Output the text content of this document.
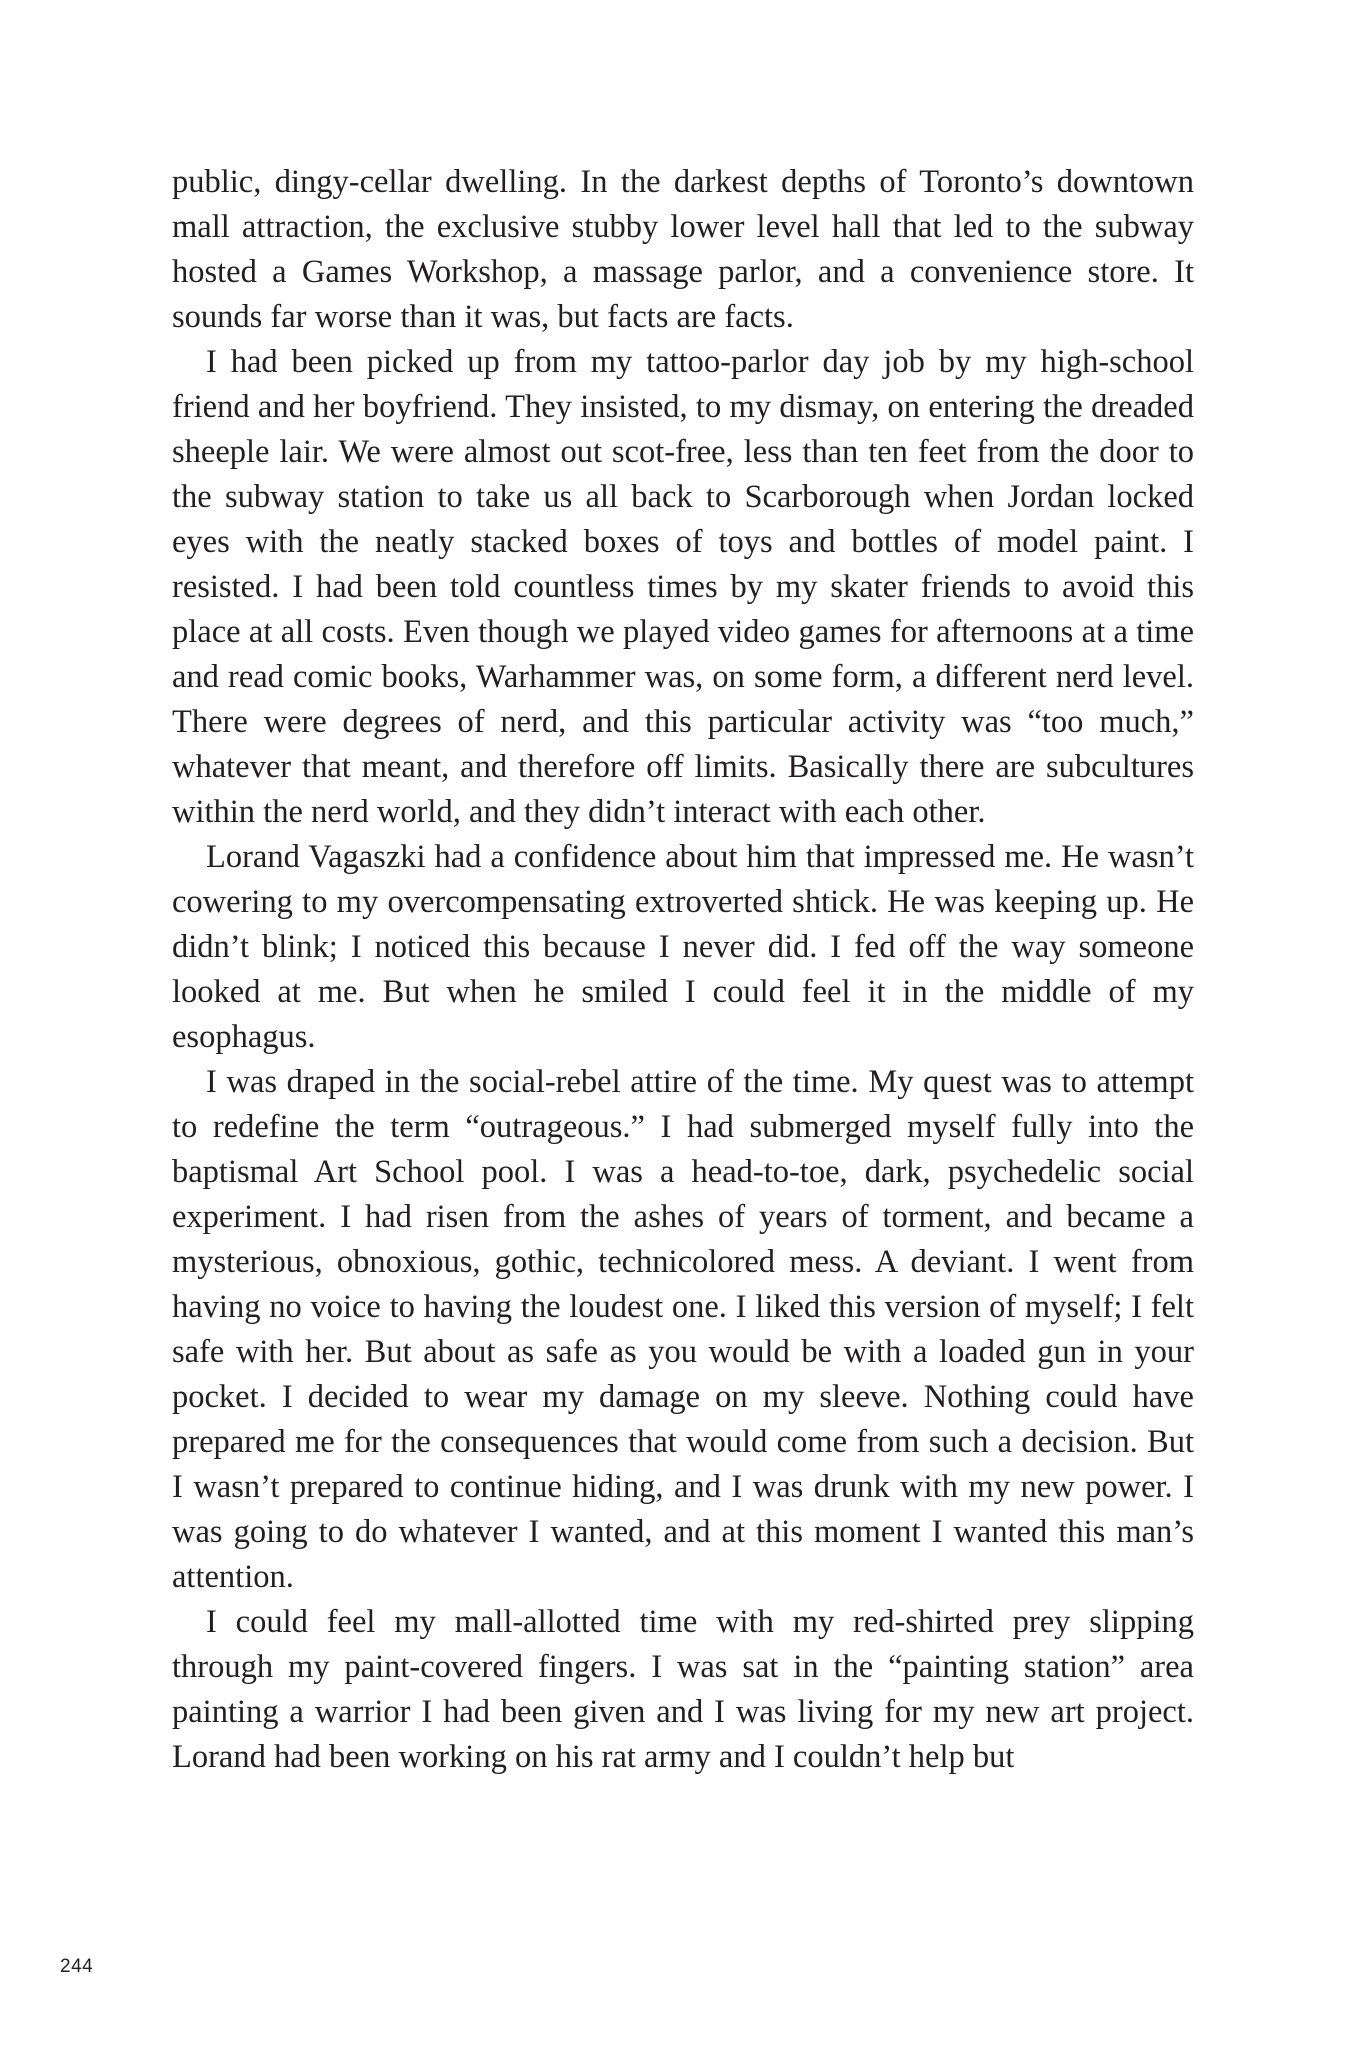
public, dingy-cellar dwelling. In the darkest depths of Toronto’s downtown mall attraction, the exclusive stubby lower level hall that led to the subway hosted a Games Workshop, a massage parlor, and a convenience store. It sounds far worse than it was, but facts are facts.

I had been picked up from my tattoo-parlor day job by my high-school friend and her boyfriend. They insisted, to my dismay, on entering the dreaded sheeple lair. We were almost out scot-free, less than ten feet from the door to the subway station to take us all back to Scarborough when Jordan locked eyes with the neatly stacked boxes of toys and bottles of model paint. I resisted. I had been told countless times by my skater friends to avoid this place at all costs. Even though we played video games for afternoons at a time and read comic books, Warhammer was, on some form, a different nerd level. There were degrees of nerd, and this particular activity was “too much,” whatever that meant, and therefore off limits. Basically there are subcultures within the nerd world, and they didn’t interact with each other.

Lorand Vagaszki had a confidence about him that impressed me. He wasn’t cowering to my overcompensating extroverted shtick. He was keeping up. He didn’t blink; I noticed this because I never did. I fed off the way someone looked at me. But when he smiled I could feel it in the middle of my esophagus.

I was draped in the social-rebel attire of the time. My quest was to attempt to redefine the term “outrageous.” I had submerged myself fully into the baptismal Art School pool. I was a head-to-toe, dark, psychedelic social experiment. I had risen from the ashes of years of torment, and became a mysterious, obnoxious, gothic, technicolored mess. A deviant. I went from having no voice to having the loudest one. I liked this version of myself; I felt safe with her. But about as safe as you would be with a loaded gun in your pocket. I decided to wear my damage on my sleeve. Nothing could have prepared me for the consequences that would come from such a decision. But I wasn’t prepared to continue hiding, and I was drunk with my new power. I was going to do whatever I wanted, and at this moment I wanted this man’s attention.

I could feel my mall-allotted time with my red-shirted prey slipping through my paint-covered fingers. I was sat in the “painting station” area painting a warrior I had been given and I was living for my new art project. Lorand had been working on his rat army and I couldn’t help but

244
